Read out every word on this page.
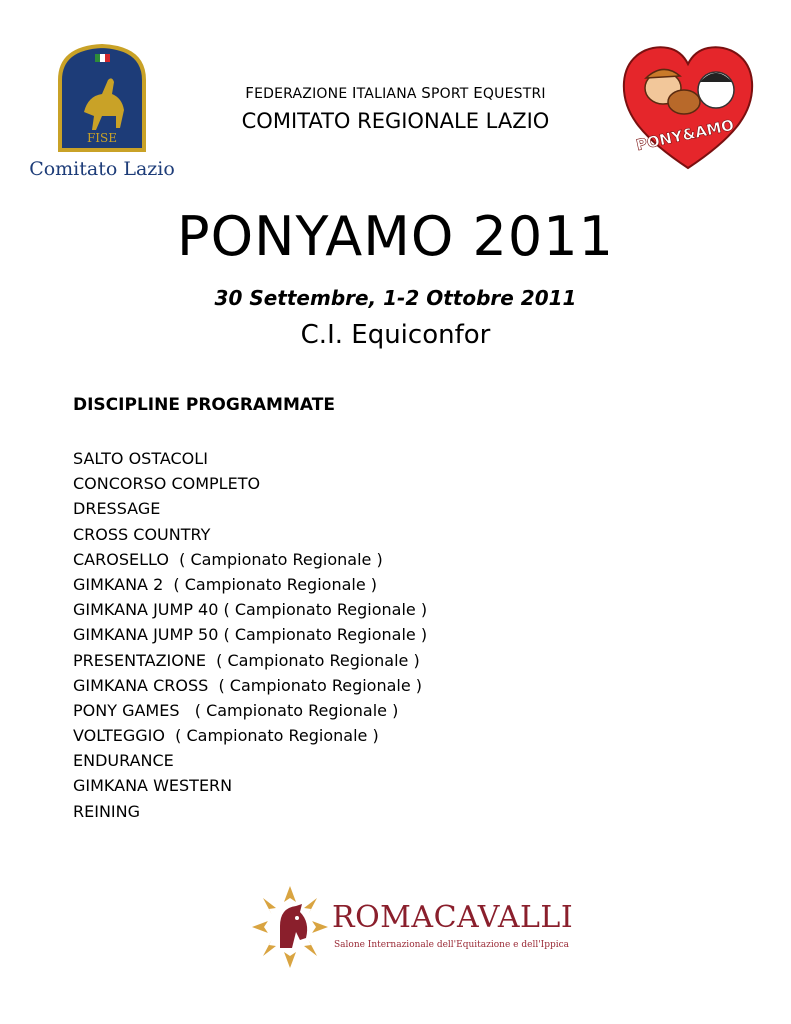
FISE
Comitato Lazio
FEDERAZIONE ITALIANA SPORT EQUESTRI
COMITATO REGIONALE LAZIO	PONY&AMO
PONYAMO 2011
30 Settembre, 1-2 Ottobre 2011
C.I. Equiconfor
DISCIPLINE PROGRAMMATE
SALTO OSTACOLI
CONCORSO COMPLETO
DRESSAGE
CROSS COUNTRY
CAROSELLO  ( Campionato Regionale )
GIMKANA 2  ( Campionato Regionale )
GIMKANA JUMP 40 ( Campionato Regionale )
GIMKANA JUMP 50 ( Campionato Regionale )
PRESENTAZIONE  ( Campionato Regionale )
GIMKANA CROSS  ( Campionato Regionale )
PONY GAMES   ( Campionato Regionale )
VOLTEGGIO  ( Campionato Regionale )
ENDURANCE
GIMKANA WESTERN
REINING
ROMACAVALLI
Salone Internazionale dell'Equitazione e dell'Ippica
